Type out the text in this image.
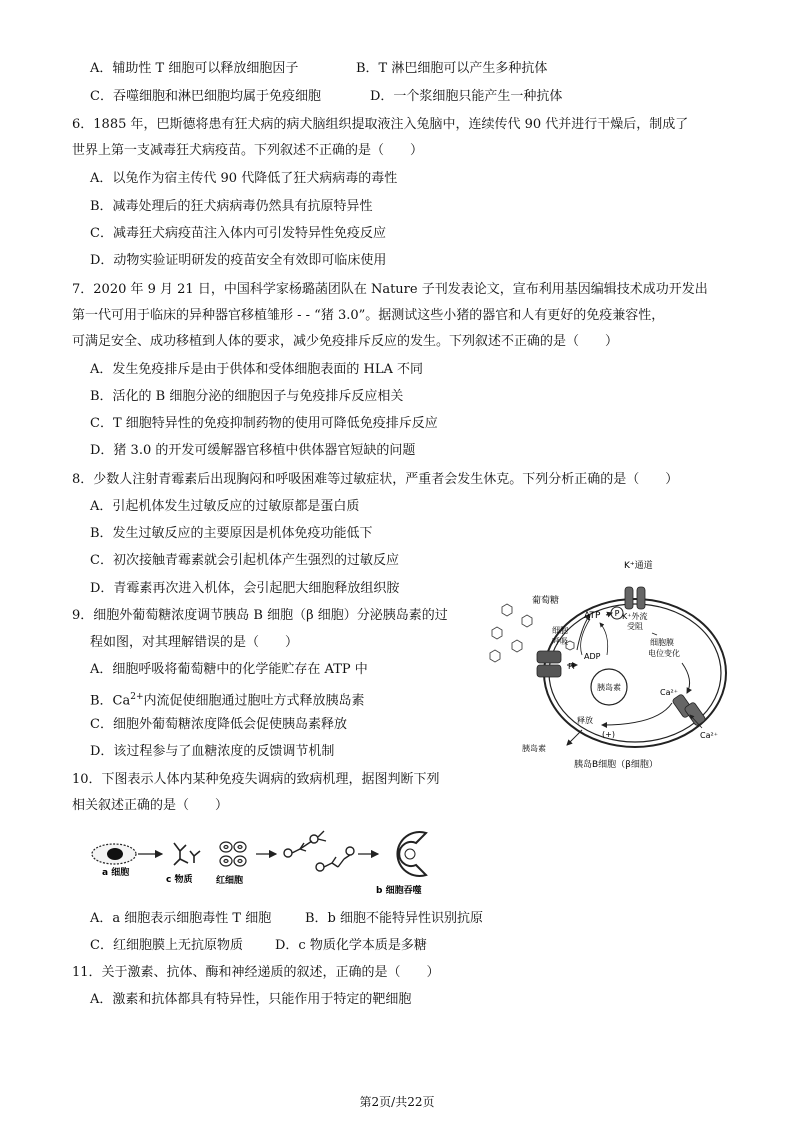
A．辅助性 T 细胞可以释放细胞因子	B．T 淋巴细胞可以产生多种抗体
C．吞噬细胞和淋巴细胞均属于免疫细胞	D．一个浆细胞只能产生一种抗体
6．1885 年，巴斯德将患有狂犬病的病犬脑组织提取液注入兔脑中，连续传代 90 代并进行干燥后，制成了
世界上第一支减毒狂犬病疫苗。下列叙述不正确的是（　　）
A．以兔作为宿主传代 90 代降低了狂犬病病毒的毒性
B．减毒处理后的狂犬病病毒仍然具有抗原特异性
C．减毒狂犬病疫苗注入体内可引发特异性免疫反应
D．动物实验证明研发的疫苗安全有效即可临床使用
7．2020 年 9 月 21 日，中国科学家杨璐菡团队在 Nature 子刊发表论文，宣布利用基因编辑技术成功开发出
第一代可用于临床的异种器官移植雏形 - - “猪 3.0”。据测试这些小猪的器官和人有更好的免疫兼容性，
可满足安全、成功移植到人体的要求，减少免疫排斥反应的发生。下列叙述不正确的是（　　）
A．发生免疫排斥是由于供体和受体细胞表面的 HLA 不同
B．活化的 B 细胞分泌的细胞因子与免疫排斥反应相关
C．T 细胞特异性的免疫抑制药物的使用可降低免疫排斥反应
D．猪 3.0 的开发可缓解器官移植中供体器官短缺的问题
8．少数人注射青霉素后出现胸闷和呼吸困难等过敏症状，严重者会发生休克。下列分析正确的是（　　）
A．引起机体发生过敏反应的过敏原都是蛋白质
B．发生过敏反应的主要原因是机体免疫功能低下
C．初次接触青霉素就会引起机体产生强烈的过敏反应
D．青霉素再次进入机体，会引起肥大细胞释放组织胺
9．细胞外葡萄糖浓度调节胰岛 B 细胞（β 细胞）分泌胰岛素的过
程如图，对其理解错误的是（　　）
A．细胞呼吸将葡萄糖中的化学能贮存在 ATP 中
B．$Ca^{2+}$内流促使细胞通过胞吐方式释放胰岛素
C．细胞外葡萄糖浓度降低会促使胰岛素释放
D．该过程参与了血糖浓度的反馈调节机制
P
K⁺通道
葡萄糖
细胞
呼吸
ATP	K⁺外流
受阻
ADP
Pi
细胞膜
电位变化
胰岛素
Ca²⁺
Ca²⁺
释放
(+)
胰岛素
胰岛B细胞（β细胞）
10．下图表示人体内某种免疫失调病的致病机理，据图判断下列
相关叙述正确的是（　　）
a 细胞
c 物质	红细胞
b 细胞吞噬
A．a 细胞表示细胞毒性 T 细胞	B．b 细胞不能特异性识别抗原
C．红细胞膜上无抗原物质 D．c 物质化学本质是多糖
11．关于激素、抗体、酶和神经递质的叙述，正确的是（　　）
A．激素和抗体都具有特异性，只能作用于特定的靶细胞
第2页/共22页
